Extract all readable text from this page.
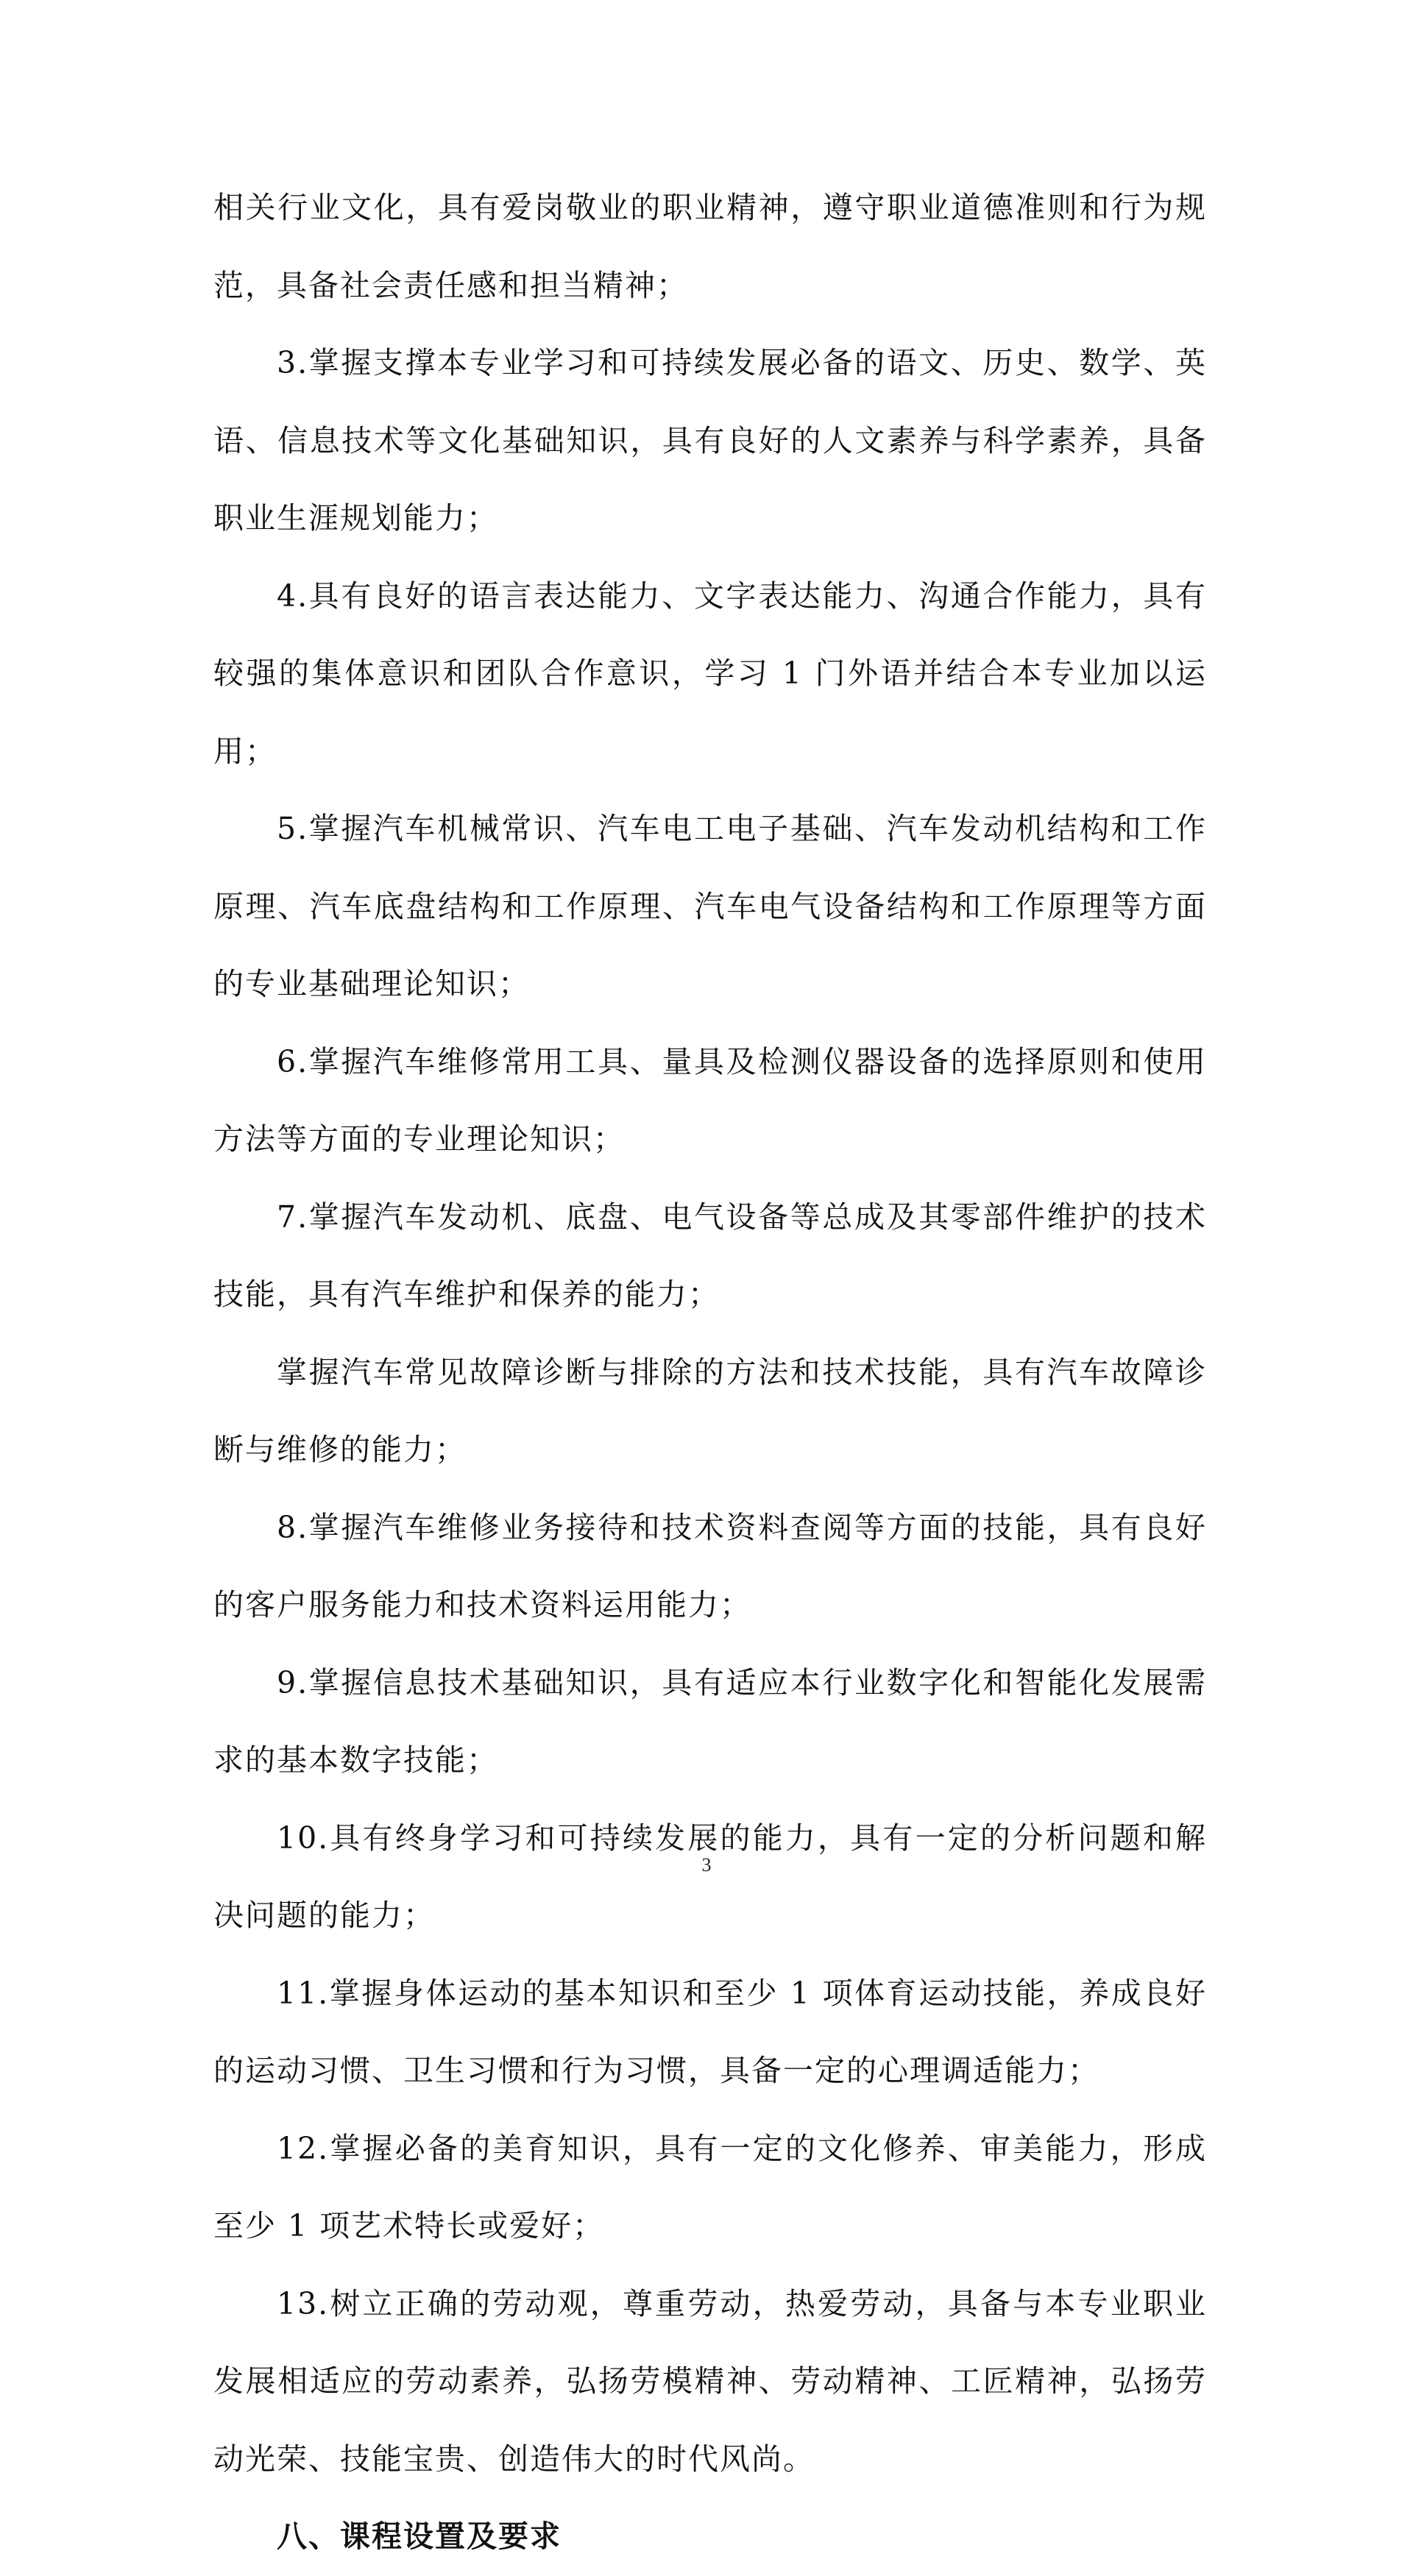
相关行业文化，具有爱岗敬业的职业精神，遵守职业道德准则和行为规范，具备社会责任感和担当精神；

3.掌握支撑本专业学习和可持续发展必备的语文、历史、数学、英语、信息技术等文化基础知识，具有良好的人文素养与科学素养，具备职业生涯规划能力；

4.具有良好的语言表达能力、文字表达能力、沟通合作能力，具有较强的集体意识和团队合作意识，学习 1 门外语并结合本专业加以运用；

5.掌握汽车机械常识、汽车电工电子基础、汽车发动机结构和工作原理、汽车底盘结构和工作原理、汽车电气设备结构和工作原理等方面的专业基础理论知识；

6.掌握汽车维修常用工具、量具及检测仪器设备的选择原则和使用方法等方面的专业理论知识；

7.掌握汽车发动机、底盘、电气设备等总成及其零部件维护的技术技能，具有汽车维护和保养的能力；

掌握汽车常见故障诊断与排除的方法和技术技能，具有汽车故障诊断与维修的能力；

8.掌握汽车维修业务接待和技术资料查阅等方面的技能，具有良好的客户服务能力和技术资料运用能力；

9.掌握信息技术基础知识，具有适应本行业数字化和智能化发展需求的基本数字技能；

10.具有终身学习和可持续发展的能力，具有一定的分析问题和解决问题的能力；

11.掌握身体运动的基本知识和至少 1 项体育运动技能，养成良好的运动习惯、卫生习惯和行为习惯，具备一定的心理调适能力；

12.掌握必备的美育知识，具有一定的文化修养、审美能力，形成至少 1 项艺术特长或爱好；

13.树立正确的劳动观，尊重劳动，热爱劳动，具备与本专业职业发展相适应的劳动素养，弘扬劳模精神、劳动精神、工匠精神，弘扬劳动光荣、技能宝贵、创造伟大的时代风尚。

八、课程设置及要求
3
